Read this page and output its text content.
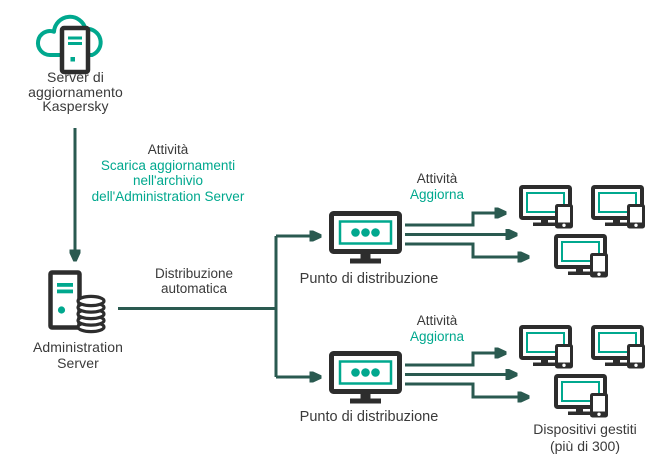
Server di
aggiornamento
Kaspersky
Attività
Scarica aggiornamenti
nell'archivio
dell'Administration Server
Administration
Server
Distribuzione
automatica
Punto di distribuzione
Punto di distribuzione
Attività
Aggiorna
Attività
Aggiorna
Dispositivi gestiti
(più di 300)
